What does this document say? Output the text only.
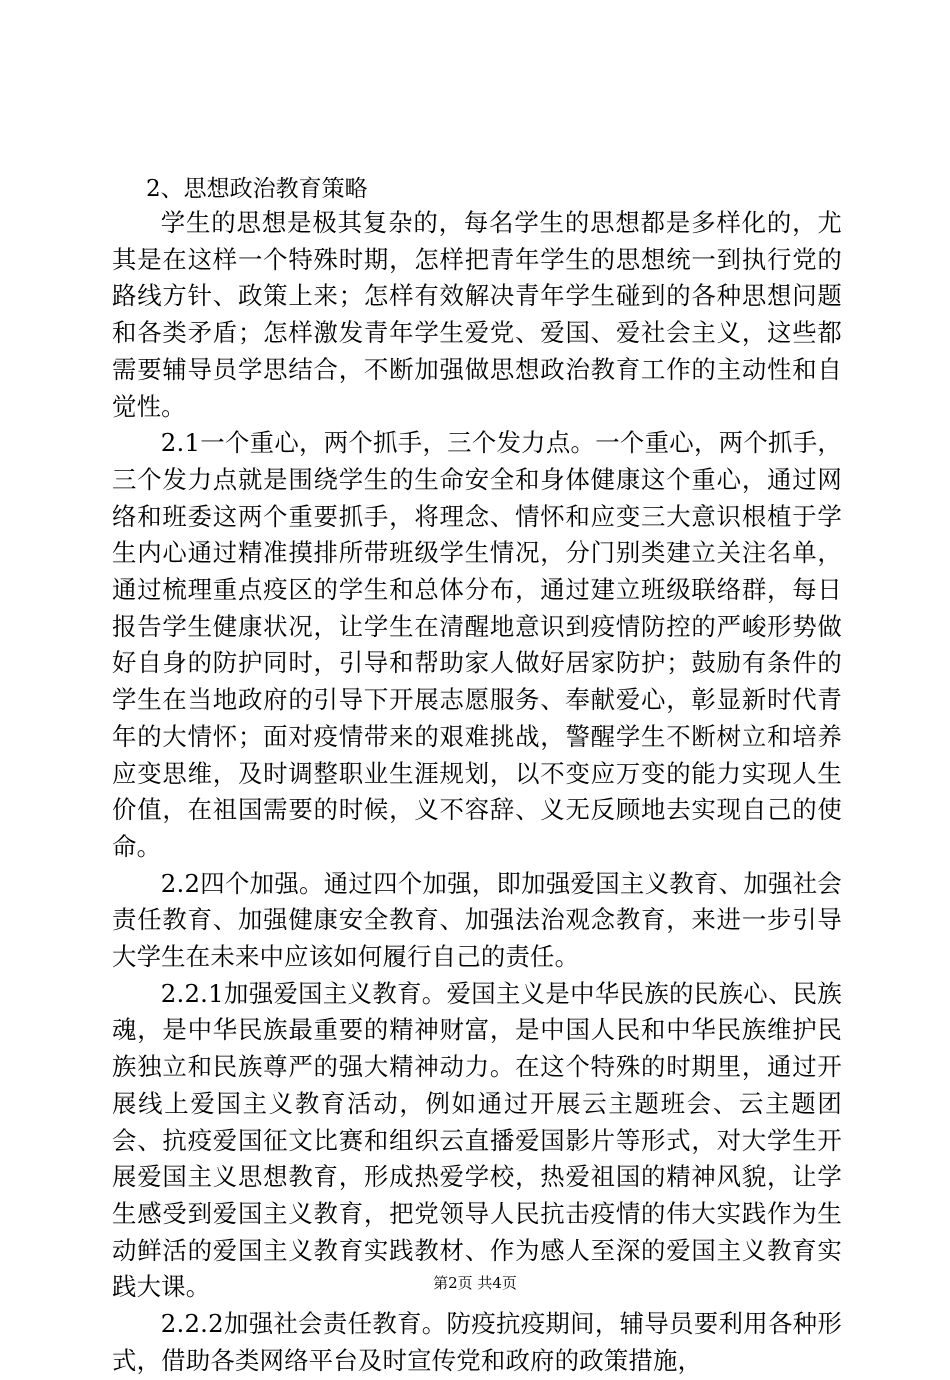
2、思想政治教育策略

学生的思想是极其复杂的，每名学生的思想都是多样化的，尤其是在这样一个特殊时期，怎样把青年学生的思想统一到执行党的路线方针、政策上来；怎样有效解决青年学生碰到的各种思想问题和各类矛盾；怎样激发青年学生爱党、爱国、爱社会主义，这些都需要辅导员学思结合，不断加强做思想政治教育工作的主动性和自觉性。

2.1一个重心，两个抓手，三个发力点。一个重心，两个抓手，三个发力点就是围绕学生的生命安全和身体健康这个重心，通过网络和班委这两个重要抓手，将理念、情怀和应变三大意识根植于学生内心通过精准摸排所带班级学生情况，分门别类建立关注名单，通过梳理重点疫区的学生和总体分布，通过建立班级联络群，每日报告学生健康状况，让学生在清醒地意识到疫情防控的严峻形势做好自身的防护同时，引导和帮助家人做好居家防护；鼓励有条件的学生在当地政府的引导下开展志愿服务、奉献爱心，彰显新时代青年的大情怀；面对疫情带来的艰难挑战，警醒学生不断树立和培养应变思维，及时调整职业生涯规划，以不变应万变的能力实现人生价值，在祖国需要的时候，义不容辞、义无反顾地去实现自己的使命。

2.2四个加强。通过四个加强，即加强爱国主义教育、加强社会责任教育、加强健康安全教育、加强法治观念教育，来进一步引导大学生在未来中应该如何履行自己的责任。

2.2.1加强爱国主义教育。爱国主义是中华民族的民族心、民族魂，是中华民族最重要的精神财富，是中国人民和中华民族维护民族独立和民族尊严的强大精神动力。在这个特殊的时期里，通过开展线上爱国主义教育活动，例如通过开展云主题班会、云主题团会、抗疫爱国征文比赛和组织云直播爱国影片等形式，对大学生开展爱国主义思想教育，形成热爱学校，热爱祖国的精神风貌，让学生感受到爱国主义教育，把党领导人民抗击疫情的伟大实践作为生动鲜活的爱国主义教育实践教材、作为感人至深的爱国主义教育实践大课。

2.2.2加强社会责任教育。防疫抗疫期间，辅导员要利用各种形式，借助各类网络平台及时宣传党和政府的政策措施，

第2页 共4页
